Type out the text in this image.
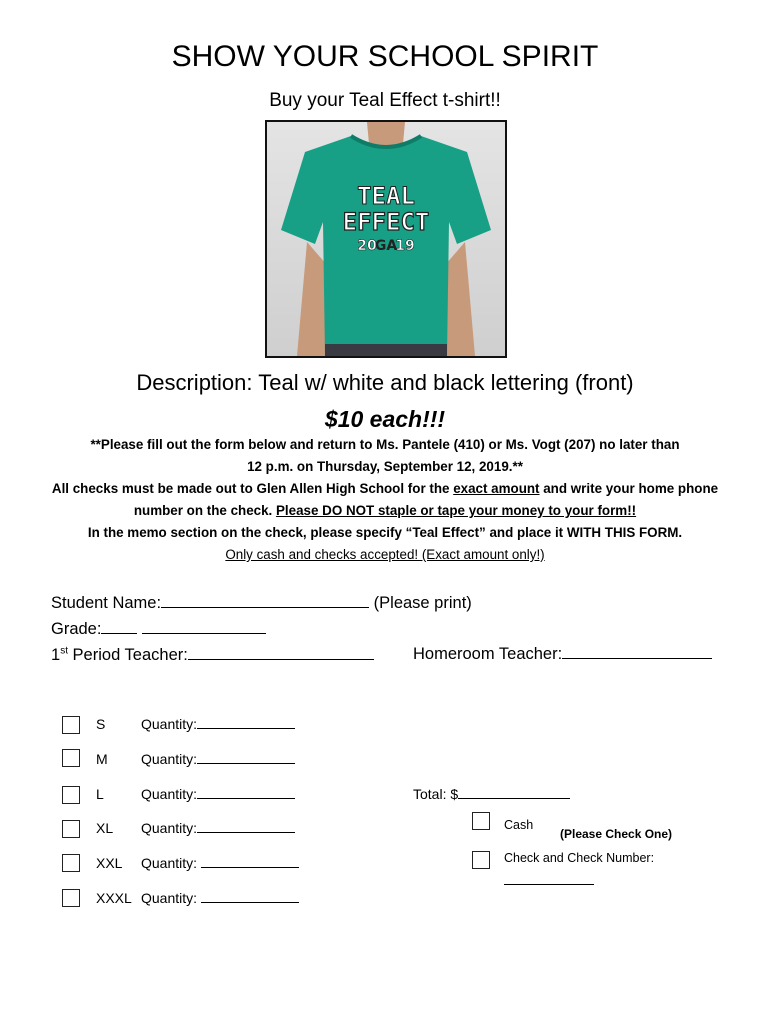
SHOW YOUR SCHOOL SPIRIT
Buy your Teal Effect t-shirt!!
TEAL
EFFECT
20
GA
19
Description: Teal w/ white and black lettering (front)
$10 each!!!
**Please fill out the form below and return to Ms. Pantele (410) or Ms. Vogt (207) no later than
12 p.m. on Thursday, September 12, 2019.**
All checks must be made out to Glen Allen High School for the exact amount and write your home phone
number on the check. Please DO NOT staple or tape your money to your form!!
In the memo section on the check, please specify “Teal Effect” and place it WITH THIS FORM.
Only cash and checks accepted! (Exact amount only!)
Student Name:	(Please print)
Grade:
1st Period Teacher:	Homeroom Teacher:
S	Quantity:
M Quantity:
L	Quantity:
XL Quantity:
XXL Quantity:
XXXL Quantity:
Total: $
Cash
(Please Check One)
Check and Check Number:
